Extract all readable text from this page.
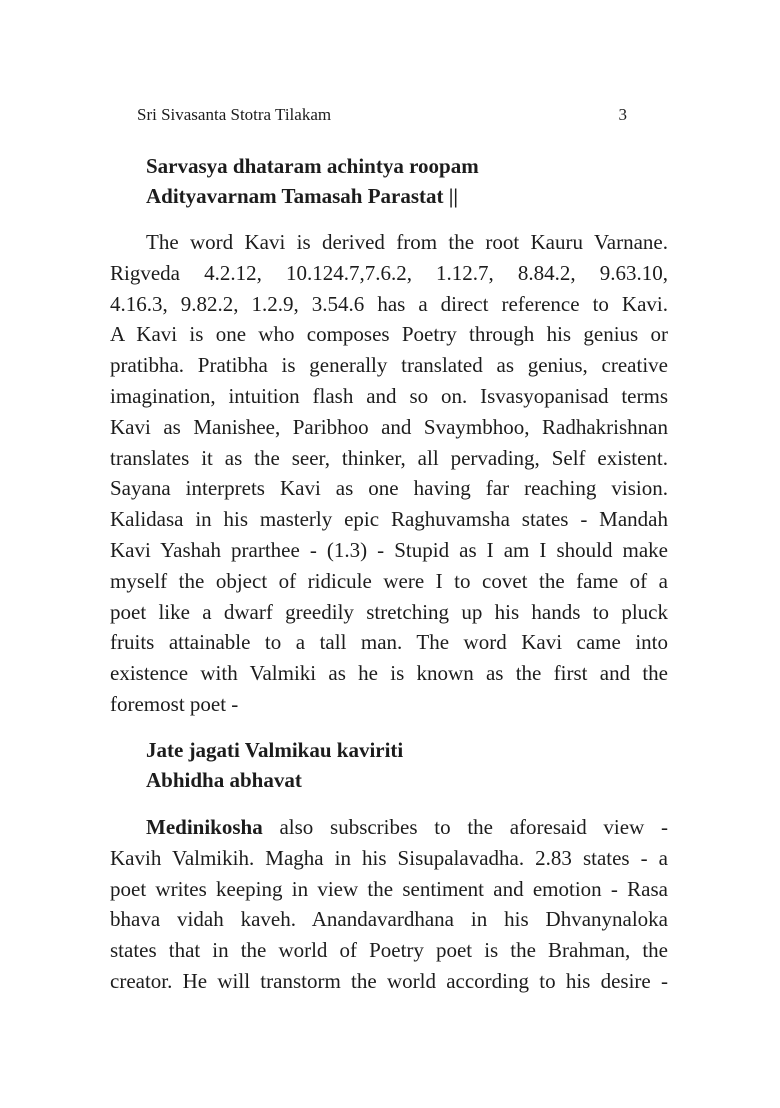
Sri Sivasanta Stotra Tilakam	3
Sarvasya dhataram achintya roopam
Adityavarnam Tamasah Parastat ||
The word Kavi is derived from the root Kauru Varnane.
Rigveda 4.2.12, 10.124.7,7.6.2, 1.12.7, 8.84.2, 9.63.10,
4.16.3, 9.82.2, 1.2.9, 3.54.6 has a direct reference to Kavi.
A Kavi is one who composes Poetry through his genius or
pratibha. Pratibha is generally translated as genius, creative
imagination, intuition flash and so on. Isvasyopanisad terms
Kavi as Manishee, Paribhoo and Svaymbhoo, Radhakrishnan
translates it as the seer, thinker, all pervading, Self existent.
Sayana interprets Kavi as one having far reaching vision.
Kalidasa in his masterly epic Raghuvamsha states - Mandah
Kavi Yashah prarthee - (1.3) - Stupid as I am I should make
myself the object of ridicule were I to covet the fame of a
poet like a dwarf greedily stretching up his hands to pluck
fruits attainable to a tall man. The word Kavi came into
existence with Valmiki as he is known as the first and the
foremost poet -
Jate jagati Valmikau kaviriti
Abhidha abhavat
Medinikosha also subscribes to the aforesaid view -
Kavih Valmikih. Magha in his Sisupalavadha. 2.83 states - a
poet writes keeping in view the sentiment and emotion - Rasa
bhava vidah kaveh. Anandavardhana in his Dhvanynaloka
states that in the world of Poetry poet is the Brahman, the
creator. He will transtorm the world according to his desire -
